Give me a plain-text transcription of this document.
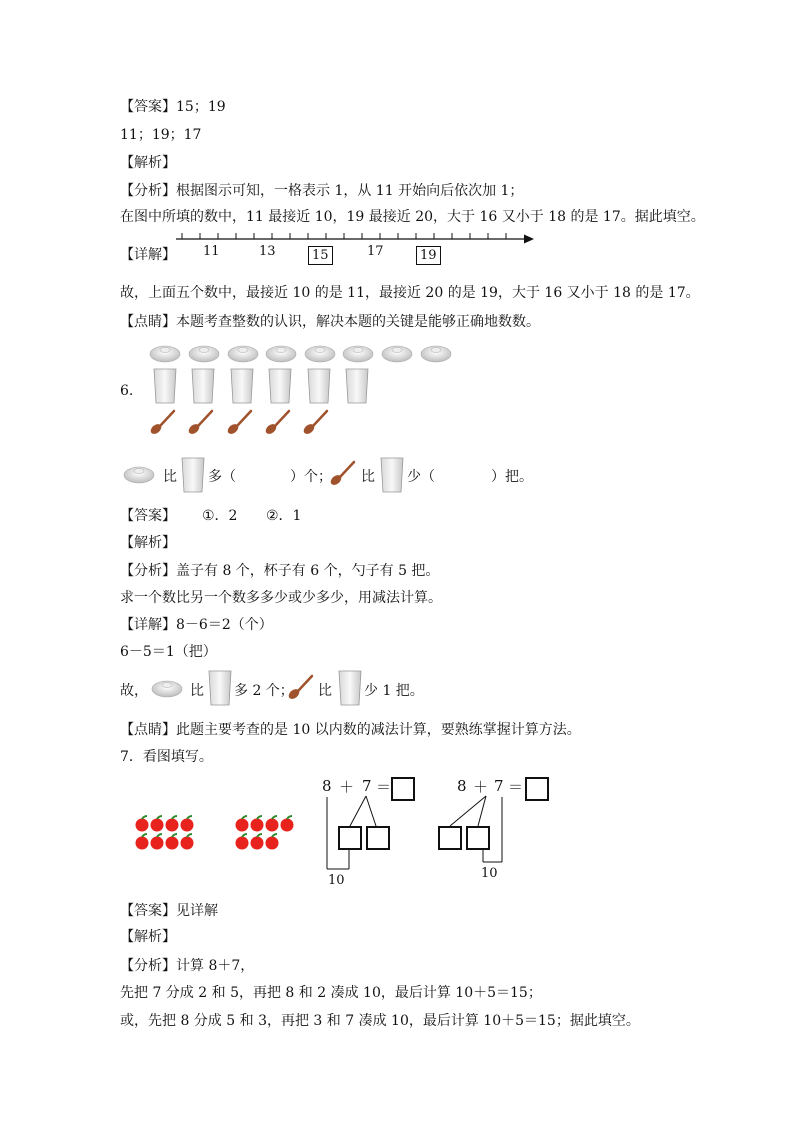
【答案】15；19
11；19；17
【解析】
【分析】根据图示可知，一格表示 1，从 11 开始向后依次加 1；
在图中所填的数中，11 最接近 10，19 最接近 20，大于 16 又小于 18 的是 17。据此填空。
【详解】 11	13	15	17	19
故，上面五个数中，最接近 10 的是 11，最接近 20 的是 19，大于 16 又小于 18 的是 17。
【点睛】本题考查整数的认识，解决本题的关键是能够正确地数数。
6.
比 多（	）个； 比 少（	）把。
【答案】 ①．2 ②．1
【解析】
【分析】盖子有 8 个，杯子有 6 个，勺子有 5 把。
求一个数比另一个数多多少或少多少，用减法计算。
【详解】8－6＝2（个）
6－5＝1（把）
故，	比 多 2 个； 比 少 1 把。
【点睛】此题主要考查的是 10 以内数的减法计算，要熟练掌握计算方法。
7．看图填写。
8 ＋ 7 ＝
10
8 ＋ 7 ＝
10
【答案】见详解
【解析】
【分析】计算 8＋7，
先把 7 分成 2 和 5，再把 8 和 2 凑成 10，最后计算 10＋5＝15；
或，先把 8 分成 5 和 3，再把 3 和 7 凑成 10，最后计算 10＋5＝15；据此填空。
